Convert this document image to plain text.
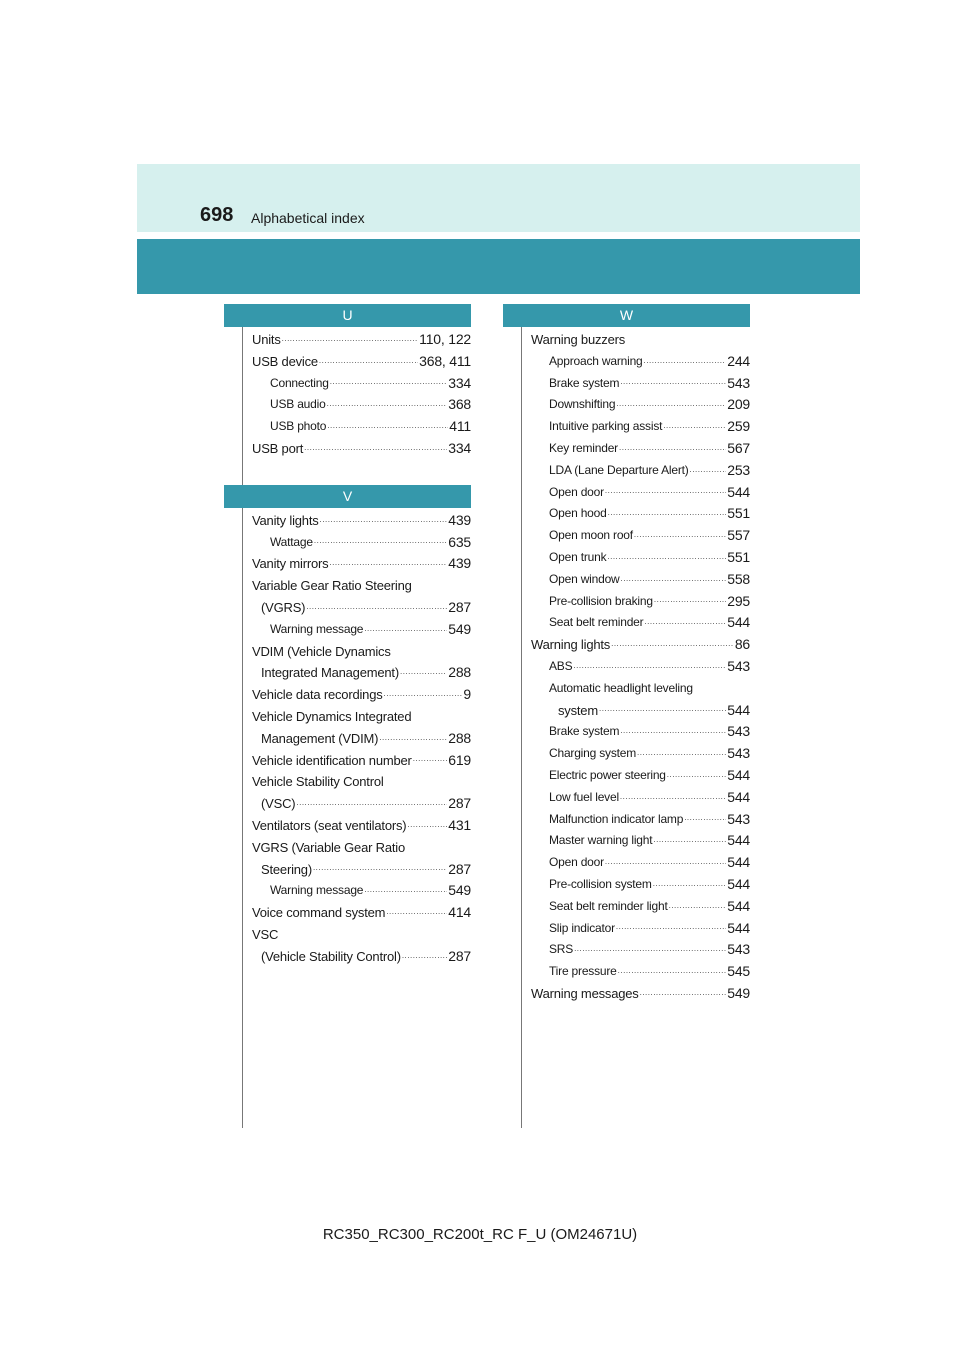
698 Alphabetical index
U
Units .....	110, 122
USB device .....	368, 411
Connecting .....	334
USB audio .....	368
USB photo .....	411
USB port .....	334
V
Vanity lights .....	439
Wattage .....	635
Vanity mirrors .....	439
Variable Gear Ratio Steering
(VGRS) .....	287
Warning message .....	549
VDIM (Vehicle Dynamics
Integrated Management) .....	288
Vehicle data recordings .....	9
Vehicle Dynamics Integrated
Management (VDIM) .....	288
Vehicle identification number .....	619
Vehicle Stability Control
(VSC) .....	287
Ventilators (seat ventilators) .....	431
VGRS (Variable Gear Ratio
Steering) .....	287
Warning message .....	549
Voice command system .....	414
VSC
(Vehicle Stability Control) .....	287
W
Warning buzzers
Approach warning .....	244
Brake system .....	543
Downshifting .....	209
Intuitive parking assist .....	259
Key reminder .....	567
LDA (Lane Departure Alert) .....	253
Open door .....	544
Open hood .....	551
Open moon roof .....	557
Open trunk .....	551
Open window .....	558
Pre-collision braking .....	295
Seat belt reminder .....	544
Warning lights .....	86
ABS .....	543
Automatic headlight leveling
system .....	544
Brake system .....	543
Charging system .....	543
Electric power steering .....	544
Low fuel level .....	544
Malfunction indicator lamp .....	543
Master warning light .....	544
Open door .....	544
Pre-collision system .....	544
Seat belt reminder light .....	544
Slip indicator .....	544
SRS .....	543
Tire pressure .....	545
Warning messages .....	549
RC350_RC300_RC200t_RC F_U (OM24671U)
